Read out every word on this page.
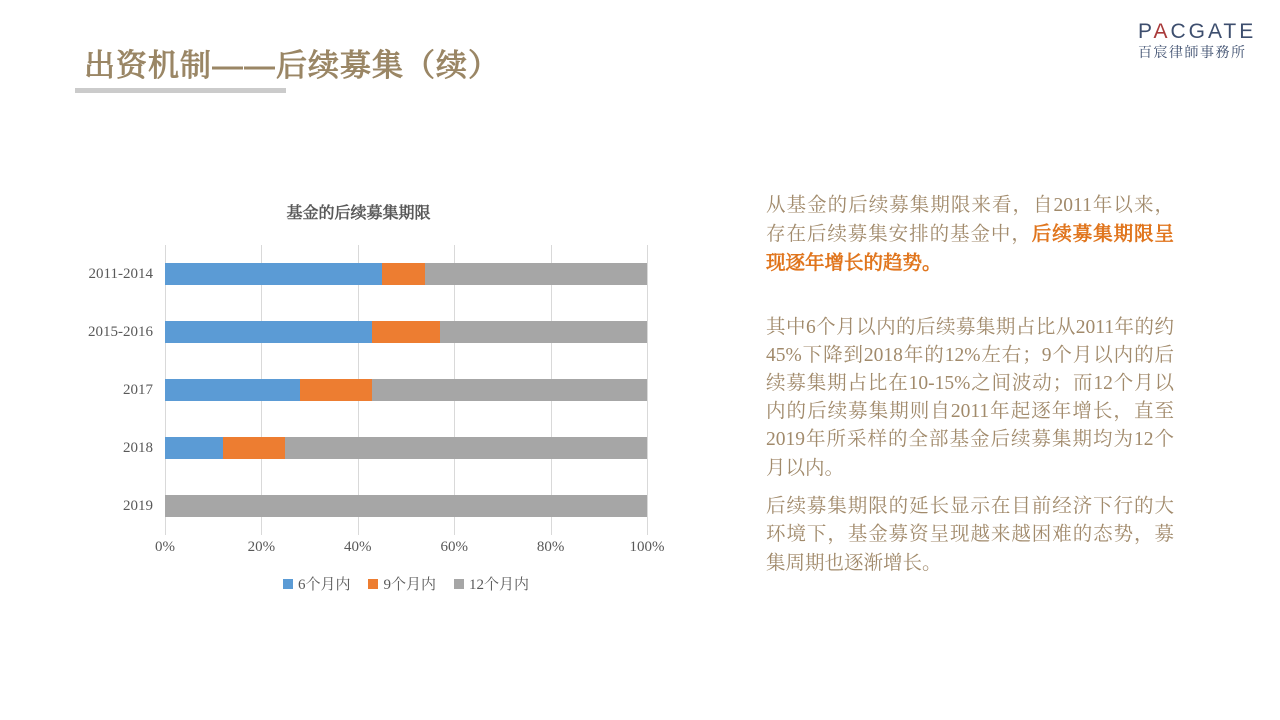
出资机制——后续募集（续）
PACGATE
百宸律師事務所
基金的后续募集期限
2011-2014
2015-2016
2017
2018
2019
0%	20%	40%	60%	80%	100%
6个月内 9个月内 12个月内
从基金的后续募集期限来看，自2011年以来，存在后续募集安排的基金中，后续募集期限呈现逐年增长的趋势。
其中6个月以内的后续募集期占比从2011年的约45%下降到2018年的12%左右；9个月以内的后续募集期占比在10-15%之间波动；而12个月以内的后续募集期则自2011年起逐年增长，直至2019年所采样的全部基金后续募集期均为12个月以内。
后续募集期限的延长显示在目前经济下行的大环境下，基金募资呈现越来越困难的态势，募集周期也逐渐增长。
